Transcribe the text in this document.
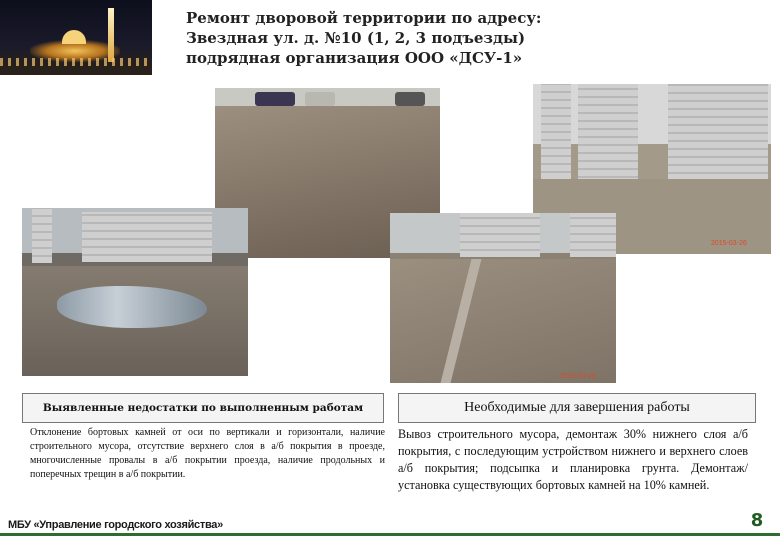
Ремонт дворовой территории по адресу:
Звездная ул. д. №10 (1, 2, 3 подъезды)
подрядная организация ООО «ДСУ-1»
2015-03-26
2015-03-26
Выявленные недостатки по выполненным работам	Необходимые для завершения работы
Отклонение бортовых камней от оси по вертикали и горизонтали, наличие строительного мусора, отсутствие верхнего слоя в а/б покрытия в проезде, многочисленные провалы в а/б покрытии проезда, наличие продольных и поперечных трещин в а/б покрытии.
Вывоз строительного мусора, демонтаж 30% нижнего слоя а/б покрытия, с последующим устройством нижнего и верхнего слоев а/б покрытия; подсыпка и планировка грунта. Демонтаж/ установка существующих бортовых камней на 10% камней.
МБУ «Управление городского хозяйства»	8
